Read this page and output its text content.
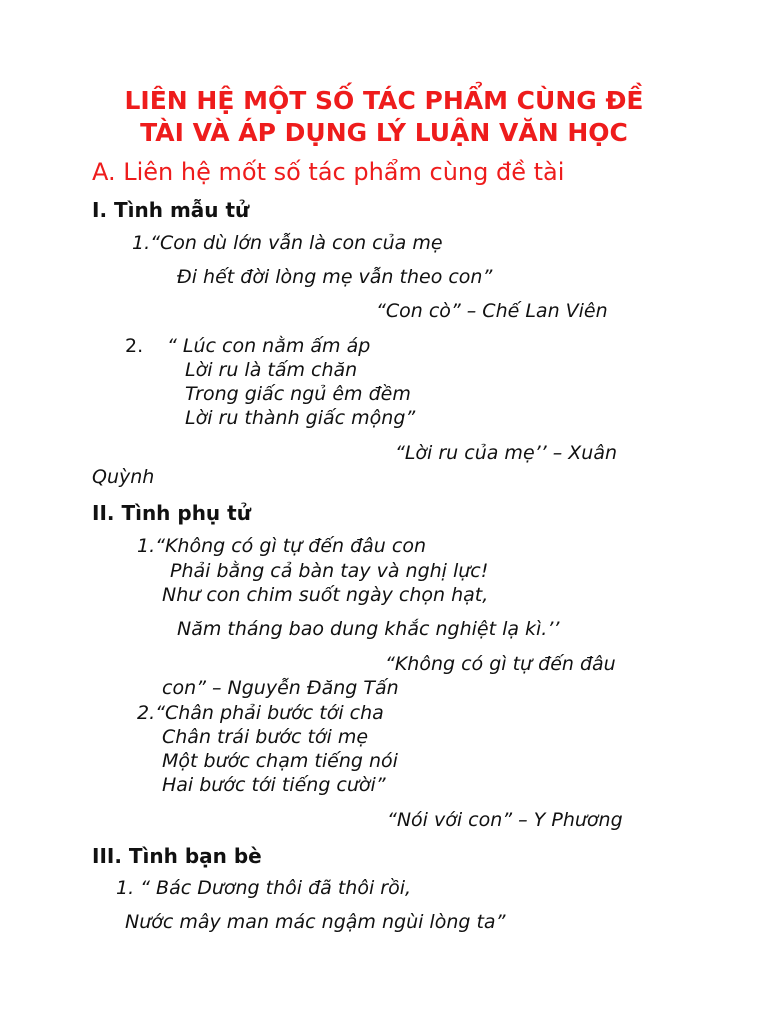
LIÊN HỆ MỘT SỐ TÁC PHẨM CÙNG ĐỀ
TÀI VÀ ÁP DỤNG LÝ LUẬN VĂN HỌC
A. Liên hệ mốt số tác phẩm cùng đề tài
I. Tình mẫu tử
1.“Con dù lớn vẫn là con của mẹ
Đi hết đời lòng mẹ vẫn theo con”
“Con cò” – Chế Lan Viên
2. “ Lúc con nằm ấm áp
Lời ru là tấm chăn
Trong giấc ngủ êm đềm
Lời ru thành giấc mộng”
“Lời ru của mẹ’’ – Xuân
Quỳnh
II. Tình phụ tử
1.“Không có gì tự đến đâu con
Phải bằng cả bàn tay và nghị lực!
Như con chim suốt ngày chọn hạt,
Năm tháng bao dung khắc nghiệt lạ kì.’’
“Không có gì tự đến đâu
con” – Nguyễn Đăng Tấn
2.“Chân phải bước tới cha
Chân trái bước tới mẹ
Một bước chạm tiếng nói
Hai bước tới tiếng cười”
“Nói với con” – Y Phương
III. Tình bạn bè
1. “ Bác Dương thôi đã thôi rồi,
Nước mây man mác ngậm ngùi lòng ta”
